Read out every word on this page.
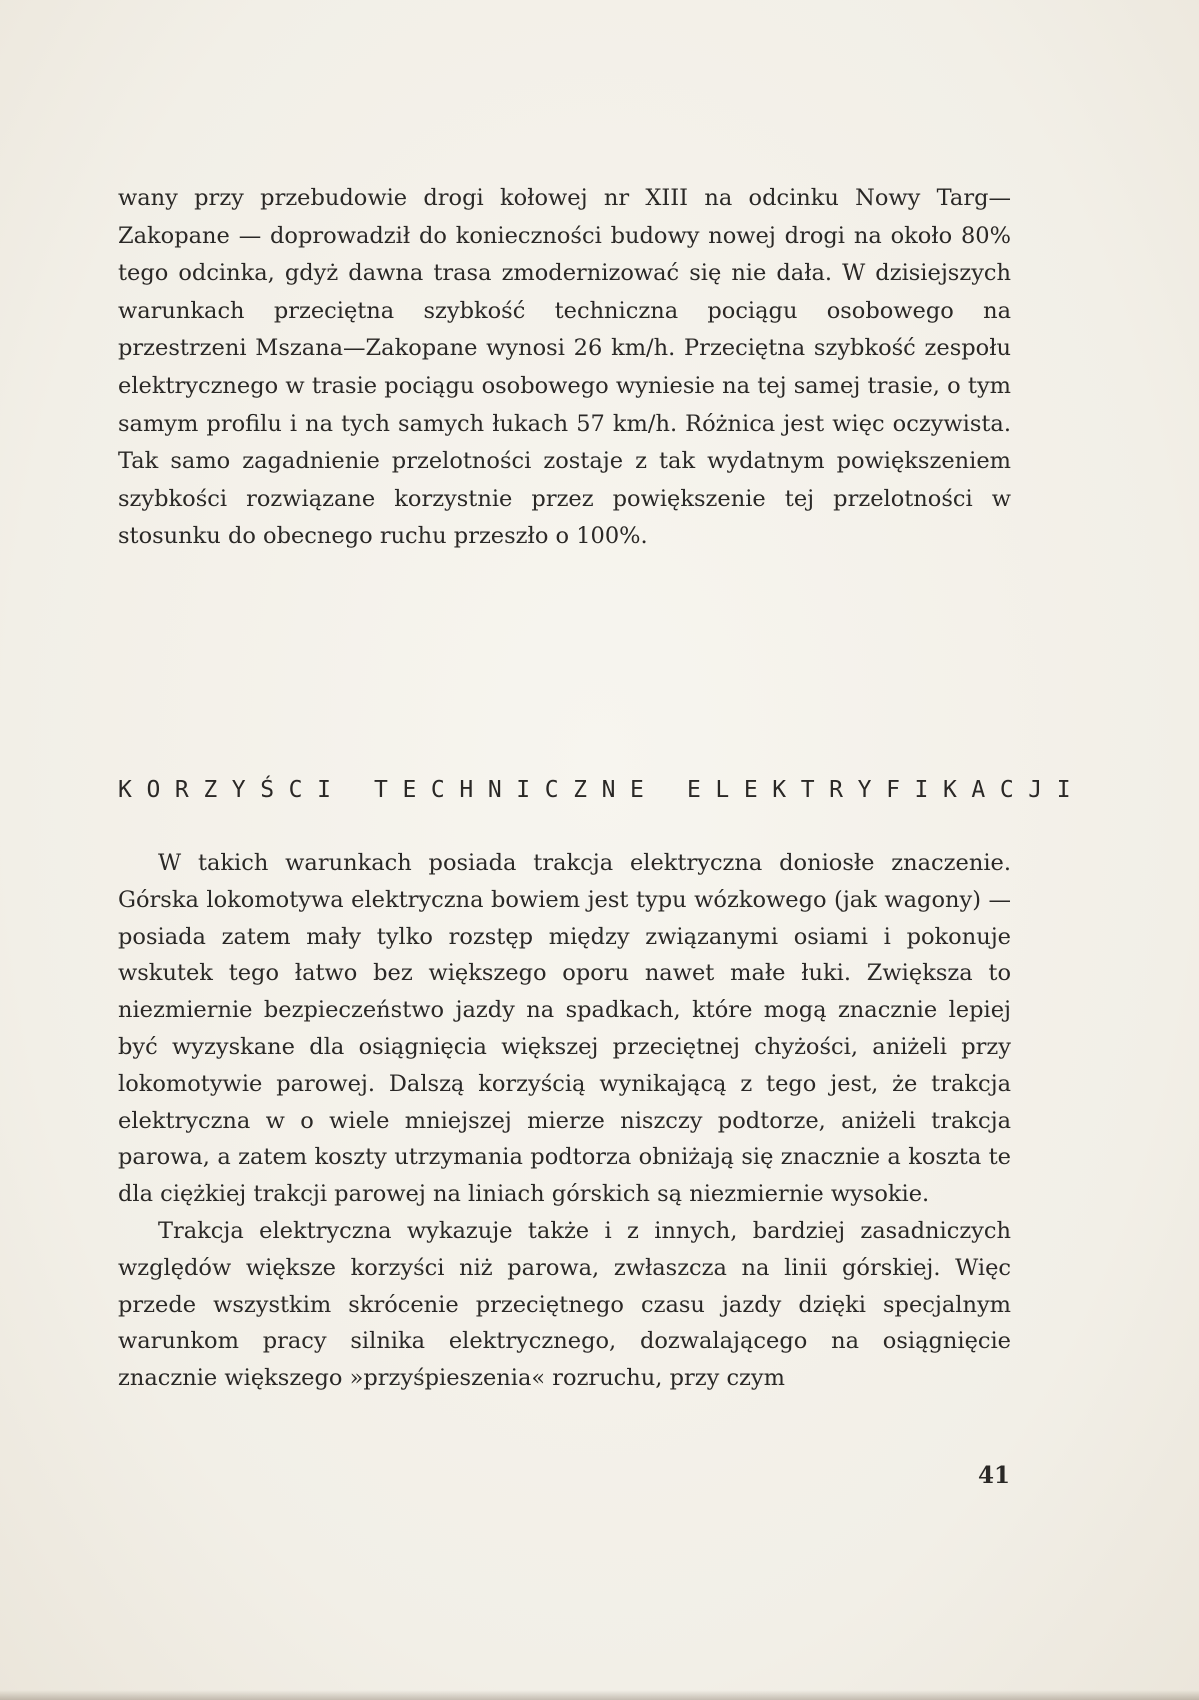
wany przy przebudowie drogi kołowej nr XIII na odcinku Nowy Targ— Zakopane — doprowadził do konieczności budowy nowej drogi na około 80% tego odcinka, gdyż dawna trasa zmodernizować się nie dała. W dzisiejszych warunkach przeciętna szybkość techniczna pociągu osobowego na przestrzeni Mszana—Zakopane wynosi 26 km/h. Przeciętna szybkość zespołu elektrycznego w trasie pociągu osobowego wyniesie na tej samej trasie, o tym samym profilu i na tych samych łukach 57 km/h. Różnica jest więc oczywista. Tak samo zagadnienie przelotności zostaje z tak wydatnym powiększeniem szybkości rozwiązane korzystnie przez powiększenie tej przelotności w stosunku do obecnego ruchu przeszło o 100%.

KORZYŚCI TECHNICZNE ELEKTRYFIKACJI

W takich warunkach posiada trakcja elektryczna doniosłe znaczenie. Górska lokomotywa elektryczna bowiem jest typu wózkowego (jak wagony) — posiada zatem mały tylko rozstęp między związanymi osiami i pokonuje wskutek tego łatwo bez większego oporu nawet małe łuki. Zwiększa to niezmiernie bezpieczeństwo jazdy na spadkach, które mogą znacznie lepiej być wyzyskane dla osiągnięcia większej przeciętnej chyżości, aniżeli przy lokomotywie parowej. Dalszą korzyścią wynikającą z tego jest, że trakcja elektryczna w o wiele mniejszej mierze niszczy podtorze, aniżeli trakcja parowa, a zatem koszty utrzymania podtorza obniżają się znacznie a koszta te dla ciężkiej trakcji parowej na liniach górskich są niezmiernie wysokie.

Trakcja elektryczna wykazuje także i z innych, bardziej zasadniczych względów większe korzyści niż parowa, zwłaszcza na linii górskiej. Więc przede wszystkim skrócenie przeciętnego czasu jazdy dzięki specjalnym warunkom pracy silnika elektrycznego, dozwalającego na osiągnięcie znacznie większego »przyśpieszenia« rozruchu, przy czym

41
